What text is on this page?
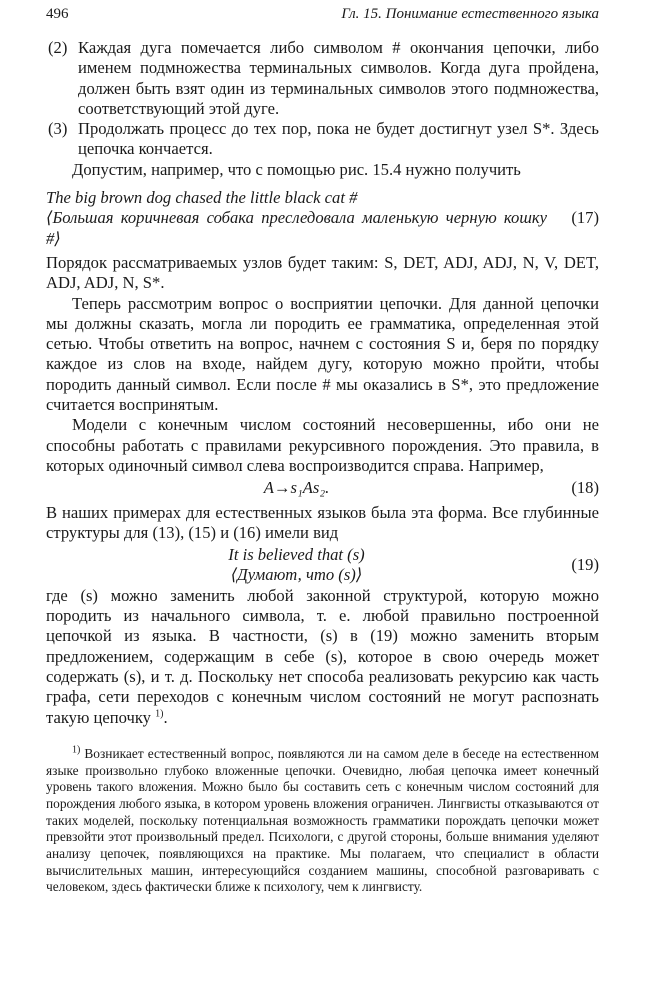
496	Гл. 15. Понимание естественного языка
(2) Каждая дуга помечается либо символом # окончания цепочки, либо именем подмножества терминальных символов. Когда дуга пройдена, должен быть взят один из терминальных символов этого подмножества, соответствующий этой дуге.
(3) Продолжать процесс до тех пор, пока не будет достигнут узел S*. Здесь цепочка кончается.

Допустим, например, что с помощью рис. 15.4 нужно получить

The big brown dog chased the little black cat #
⟨Большая коричневая собака преследовала маленькую черную кошку #⟩
(17)

Порядок рассматриваемых узлов будет таким: S, DET, ADJ, ADJ, N, V, DET, ADJ, ADJ, N, S*.

Теперь рассмотрим вопрос о восприятии цепочки. Для данной цепочки мы должны сказать, могла ли породить ее грамматика, определенная этой сетью. Чтобы ответить на вопрос, начнем с состояния S и, беря по порядку каждое из слов на входе, найдем дугу, которую можно пройти, чтобы породить данный символ. Если после # мы оказались в S*, это предложение считается воспринятым.

Модели с конечным числом состояний несовершенны, ибо они не способны работать с правилами рекурсивного порождения. Это правила, в которых одиночный символ слева воспроизводится справа. Например,

A→s₁As₂.	(18)

В наших примерах для естественных языков была эта форма. Все глубинные структуры для (13), (15) и (16) имели вид

It is believed that (s)
⟨Думают, что (s)⟩
(19)

где (s) можно заменить любой законной структурой, которую можно породить из начального символа, т. е. любой правильно построенной цепочкой из языка. В частности, (s) в (19) можно заменить вторым предложением, содержащим в себе (s), которое в свою очередь может содержать (s), и т. д. Поскольку нет способа реализовать рекурсию как часть графа, сети переходов с конечным числом состояний не могут распознать такую цепочку $^{1)}$.

$^{1)}$ Возникает естественный вопрос, появляются ли на самом деле в беседе на естественном языке произвольно глубоко вложенные цепочки. Очевидно, любая цепочка имеет конечный уровень такого вложения. Можно было бы составить сеть с конечным числом состояний для порождения любого языка, в котором уровень вложения ограничен. Лингвисты отказываются от таких моделей, поскольку потенциальная возможность грамматики порождать цепочки может превзойти этот произвольный предел. Психологи, с другой стороны, больше внимания уделяют анализу цепочек, появляющихся на практике. Мы полагаем, что специалист в области вычислительных машин, интересующийся созданием машины, способной разговаривать с человеком, здесь фактически ближе к психологу, чем к лингвисту.
